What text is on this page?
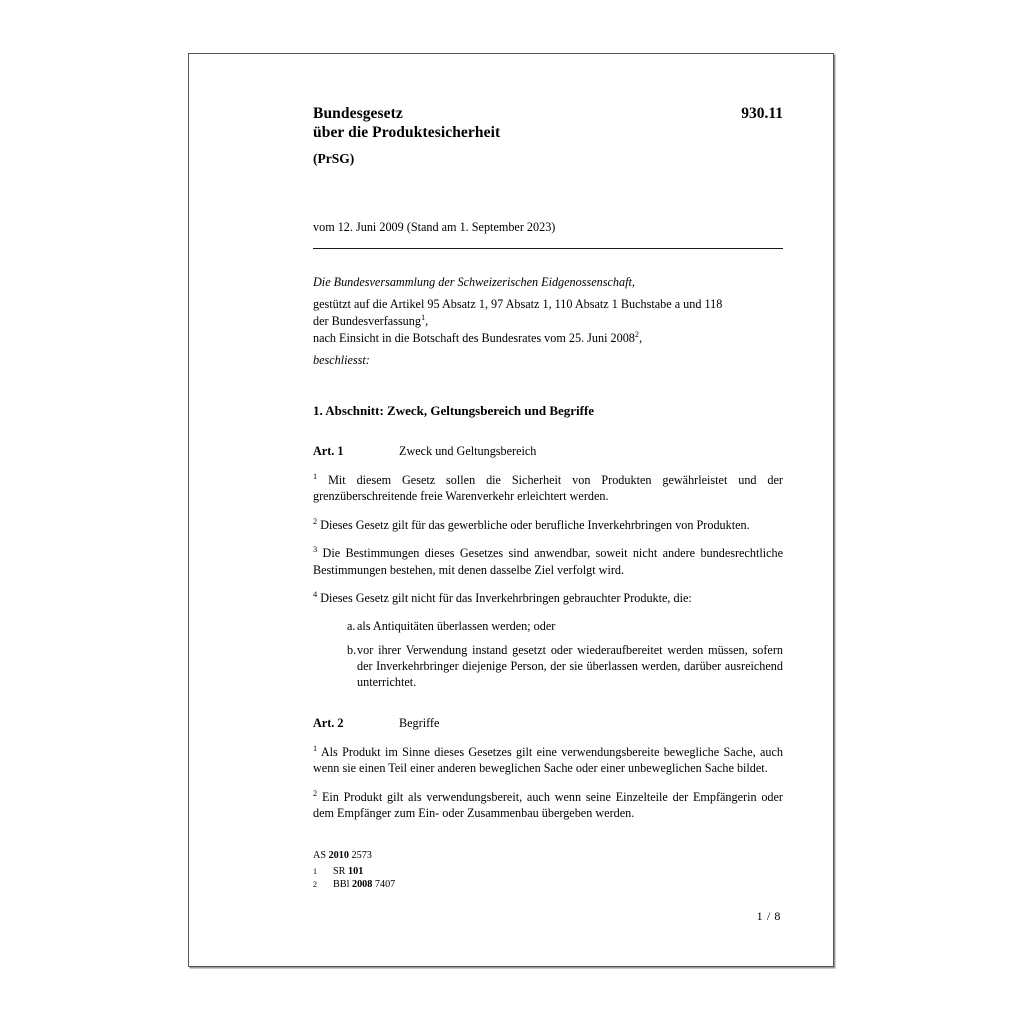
Bundesgesetz
über die Produktesicherheit
(PrSG)
930.11
vom 12. Juni 2009 (Stand am 1. September 2023)
Die Bundesversammlung der Schweizerischen Eidgenossenschaft,
gestützt auf die Artikel 95 Absatz 1, 97 Absatz 1, 110 Absatz 1 Buchstabe a und 118
der Bundesverfassung$^1$,
nach Einsicht in die Botschaft des Bundesrates vom 25. Juni 2008$^2$,
beschliesst:
1. Abschnitt: Zweck, Geltungsbereich und Begriffe
Art. 1	Zweck und Geltungsbereich

$^1$ Mit diesem Gesetz sollen die Sicherheit von Produkten gewährleistet und der grenzüberschreitende freie Warenverkehr erleichtert werden.

$^2$ Dieses Gesetz gilt für das gewerbliche oder berufliche Inverkehrbringen von Produkten.

$^3$ Die Bestimmungen dieses Gesetzes sind anwendbar, soweit nicht andere bundesrechtliche Bestimmungen bestehen, mit denen dasselbe Ziel verfolgt wird.

$^4$ Dieses Gesetz gilt nicht für das Inverkehrbringen gebrauchter Produkte, die:

a. als Antiquitäten überlassen werden; oder
b. vor ihrer Verwendung instand gesetzt oder wiederaufbereitet werden müssen, sofern der Inverkehrbringer diejenige Person, der sie überlassen werden, darüber ausreichend unterrichtet.
Art. 2	Begriffe

$^1$ Als Produkt im Sinne dieses Gesetzes gilt eine verwendungsbereite bewegliche Sache, auch wenn sie einen Teil einer anderen beweglichen Sache oder einer unbeweglichen Sache bildet.

$^2$ Ein Produkt gilt als verwendungsbereit, auch wenn seine Einzelteile der Empfängerin oder dem Empfänger zum Ein- oder Zusammenbau übergeben werden.

AS 2010 2573
1	SR 101
2	BBl 2008 7407
1 / 8
